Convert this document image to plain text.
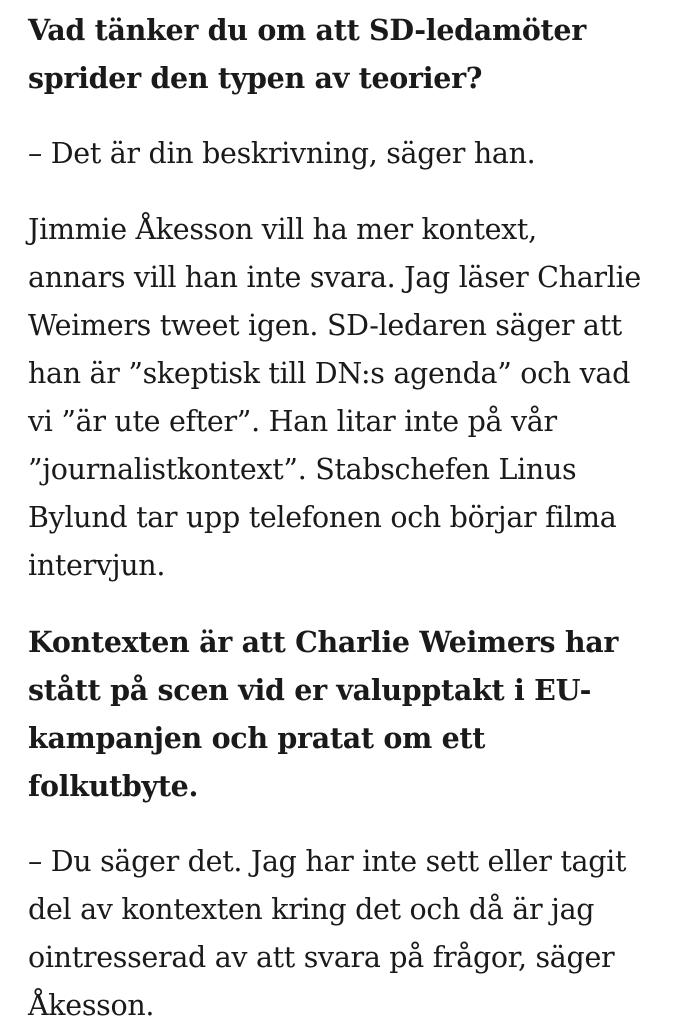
Vad tänker du om att SD-ledamöter
sprider den typen av teorier?

– Det är din beskrivning, säger han.

Jimmie Åkesson vill ha mer kontext,
annars vill han inte svara. Jag läser Charlie
Weimers tweet igen. SD-ledaren säger att
han är ”skeptisk till DN:s agenda” och vad
vi ”är ute efter”. Han litar inte på vår
”journalistkontext”. Stabschefen Linus
Bylund tar upp telefonen och börjar filma
intervjun.

Kontexten är att Charlie Weimers har
stått på scen vid er valupptakt i EU-
kampanjen och pratat om ett
folkutbyte.

– Du säger det. Jag har inte sett eller tagit
del av kontexten kring det och då är jag
ointresserad av att svara på frågor, säger
Åkesson.
